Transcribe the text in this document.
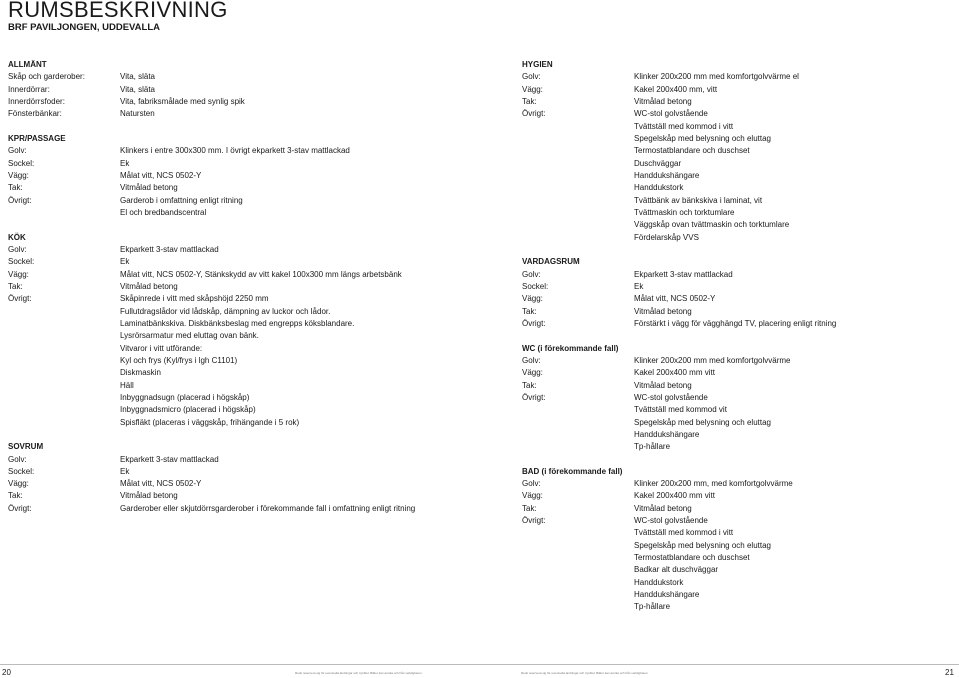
RUMSBESKRIVNING
BRF PAVILJONGEN, UDDEVALLA
ALLMÄNT
Skåp och garderober:	Vita, släta
Innerdörrar:	Vita, släta
Innerdörrsfoder:	Vita, fabriksmålade med synlig spik
Fönsterbänkar:	Natursten
KPR/PASSAGE
Golv:	Klinkers i entre 300x300 mm. I övrigt ekparkett 3-stav mattlackad
Sockel:	Ek
Vägg:	Målat vitt, NCS 0502-Y
Tak:	Vitmålad betong
Övrigt:	Garderob i omfattning enligt ritning
El och bredbandscentral
KÖK
Golv:	Ekparkett 3-stav mattlackad
Sockel:	Ek
Vägg:	Målat vitt, NCS 0502-Y, Stänkskydd av vitt kakel 100x300 mm längs arbetsbänk
Tak:	Vitmålad betong
Övrigt:	Skåpinrede i vitt med skåpshöjd 2250 mm
Fullutdragslådor vid lådskåp, dämpning av luckor och lådor.
Laminatbänkskiva. Diskbänksbeslag med engrepps köksblandare.
Lysrörsarmatur med eluttag ovan bänk.
Vitvaror i vitt utförande:
Kyl och frys (Kyl/frys i lgh C1101)
Diskmaskin
Häll
Inbyggnadsugn (placerad i högskåp)
Inbyggnadsmicro (placerad i högskåp)
Spisfläkt (placeras i väggskåp, frihängande i 5 rok)
SOVRUM
Golv:	Ekparkett 3-stav mattlackad
Sockel:	Ek
Vägg:	Målat vitt, NCS 0502-Y
Tak:	Vitmålad betong
Övrigt:	Garderober eller skjutdörrsgarderober i förekommande fall i omfattning enligt ritning
HYGIEN
Golv:	Klinker 200x200 mm med komfortgolvvärme el
Vägg:	Kakel 200x400 mm, vitt
Tak:	Vitmålad betong
Övrigt:	WC-stol golvstående
Tvättställ med kommod i vitt
Spegelskåp med belysning och eluttag
Termostatblandare och duschset
Duschväggar
Handdukshängare
Handdukstork
Tvättbänk av bänkskiva i laminat, vit
Tvättmaskin och torktumlare
Väggskåp ovan tvättmaskin och torktumlare
Fördelarskåp VVS
VARDAGSRUM
Golv:	Ekparkett 3-stav mattlackad
Sockel:	Ek
Vägg:	Målat vitt, NCS 0502-Y
Tak:	Vitmålad betong
Övrigt:	Förstärkt i vägg för vägghängd TV, placering enligt ritning
WC (i förekommande fall)
Golv:	Klinker 200x200 mm med komfortgolvvärme
Vägg:	Kakel 200x400 mm vitt
Tak:	Vitmålad betong
Övrigt:	WC-stol golvstående
Tvättställ med kommod vit
Spegelskåp med belysning och eluttag
Handdukshängare
Tp-hållare
BAD (i förekommande fall)
Golv:	Klinker 200x200 mm, med komfortgolvvärme
Vägg:	Kakel 200x400 mm vitt
Tak:	Vitmålad betong
Övrigt:	WC-stol golvstående
Tvättställ med kommod i vitt
Spegelskåp med belysning och eluttag
Termostatblandare och duschset
Badkar alt duschväggar
Handdukstork
Handdukshängare
Tp-hållare
20	Reds reservera sig för eventuella ändringar och tryckfel. Bilder kan avvika och från verkligheten.	Reds reservera sig för eventuella ändringar och tryckfel. Bilder kan avvika och från verkligheten.	21
